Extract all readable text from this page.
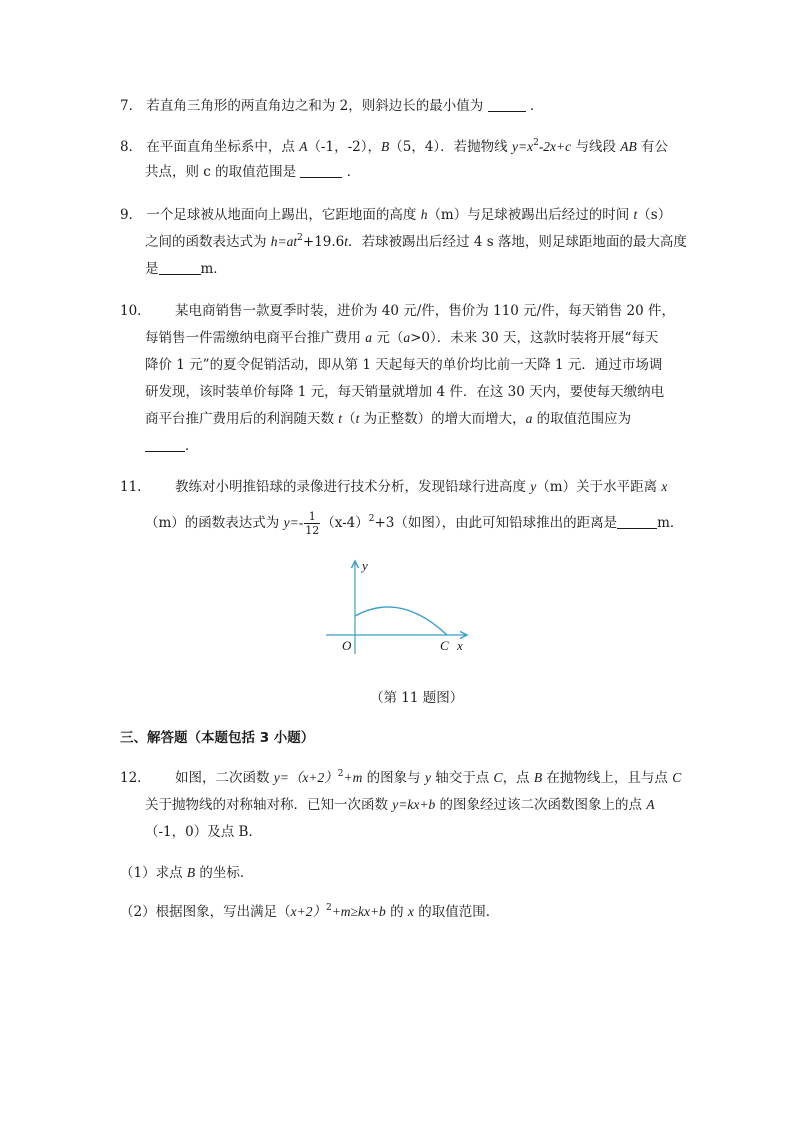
7． 若直角三角形的两直角边之和为 2，则斜边长的最小值为	．
8． 在平面直角坐标系中，点 A（-1，-2），B（5，4）．若抛物线 $y=x^2-2x+c$ 与线段 AB 有公
共点，则 c 的取值范围是	．
9． 一个足球被从地面向上踢出，它距地面的高度 h（m）与足球被踢出后经过的时间 t（s）
之间的函数表达式为 $h=at^2+19.6t$．若球被踢出后经过 4 s 落地，则足球距地面的最大高度
是	m．
10． 某电商销售一款夏季时装，进价为 40 元/件，售价为 110 元/件，每天销售 20 件，
每销售一件需缴纳电商平台推广费用 a 元（a>0）．未来 30 天，这款时装将开展“每天
降价 1 元”的夏令促销活动，即从第 1 天起每天的单价均比前一天降 1 元．通过市场调
研发现，该时装单价每降 1 元，每天销量就增加 4 件．在这 30 天内，要使每天缴纳电
商平台推广费用后的利润随天数 t（t 为正整数）的增大而增大，a 的取值范围应为
．
11． 教练对小明推铅球的录像进行技术分析，发现铅球行进高度 y（m）关于水平距离 x
（m）的函数表达式为 $y=- \frac{1}{12} (x-4)^2+3$（如图），由此可知铅球推出的距离是	m．
y
x
O	C
（第 11 题图）
三、解答题（本题包括 3 小题）
12． 如图，二次函数 $y=(x+2)^2+m$ 的图象与 y 轴交于点 C，点 B 在抛物线上，且与点 C
关于抛物线的对称轴对称．已知一次函数 y=kx+b 的图象经过该二次函数图象上的点 A
（-1，0）及点 B．
（1）求点 B 的坐标．
（2）根据图象，写出满足$(x+2)^2+m\ge kx+b$ 的 x 的取值范围．
